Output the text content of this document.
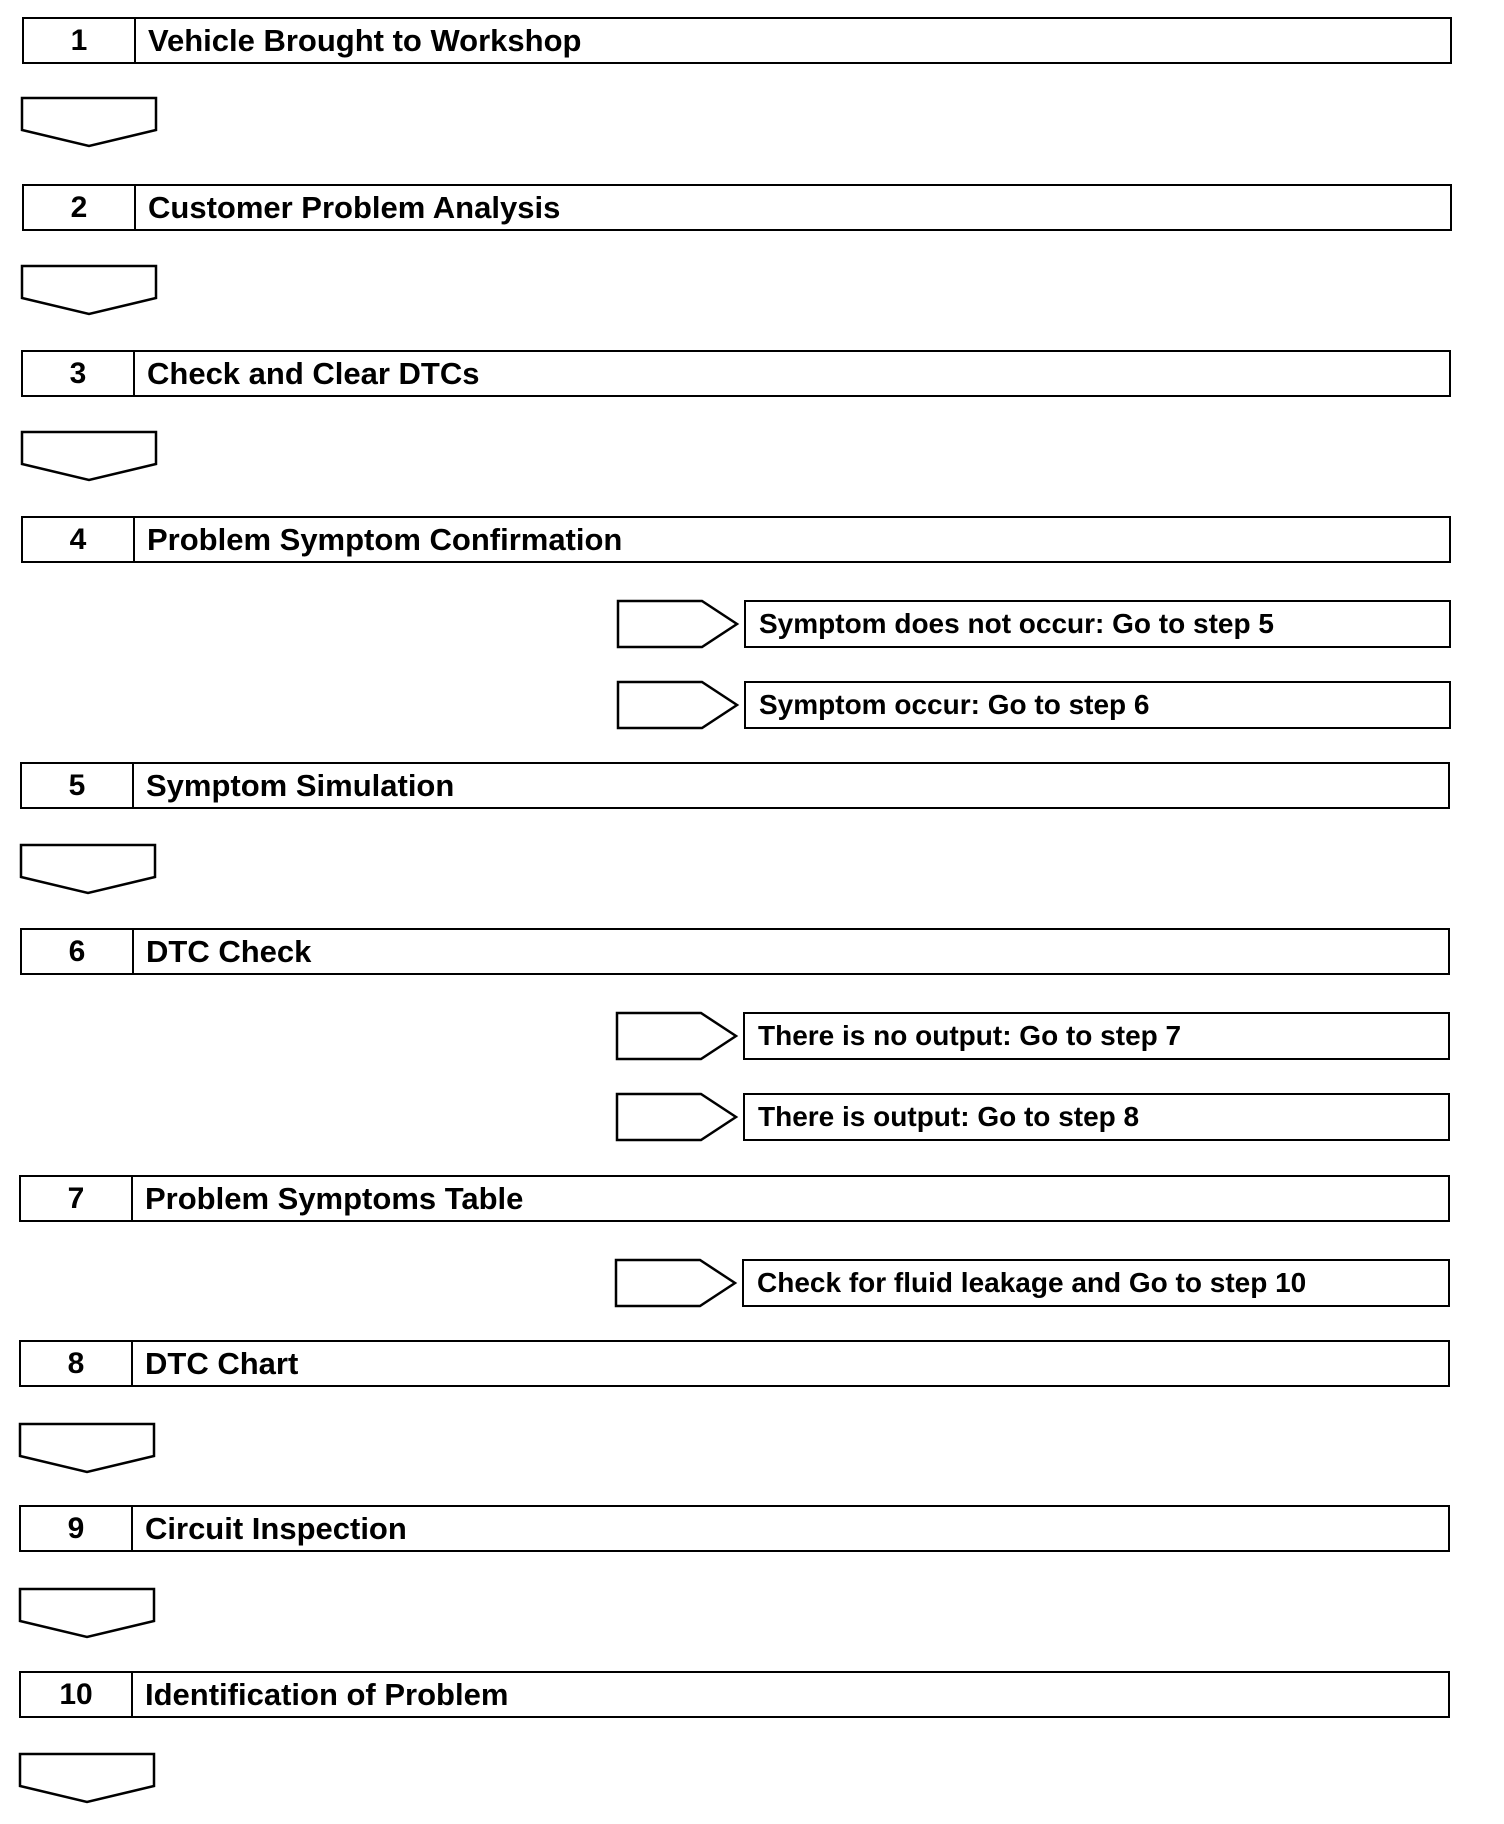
1	Vehicle Brought to Workshop
2	Customer Problem Analysis
3	Check and Clear DTCs
4	Problem Symptom Confirmation
Symptom does not occur: Go to step 5
Symptom occur: Go to step 6
5	Symptom Simulation
6	DTC Check
There is no output: Go to step 7
There is output: Go to step 8
7	Problem Symptoms Table
Check for fluid leakage and Go to step 10
8	DTC Chart
9	Circuit Inspection
10	Identification of Problem
